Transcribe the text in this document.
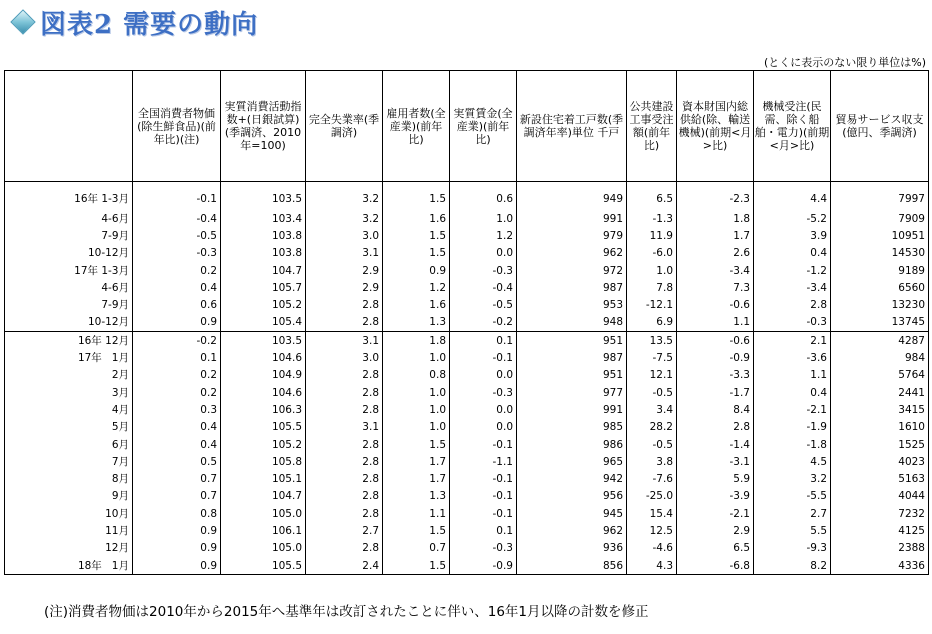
図表2 需要の動向
(とくに表示のない限り単位は%)
	全国消費者物価(除生鮮食品)(前年比)(注)	実質消費活動指数+(日銀試算)(季調済、2010年=100)	完全失業率(季調済)	雇用者数(全産業)(前年比)	実質賃金(全産業)(前年比)	新設住宅着工戸数(季調済年率)単位 千戸	公共建設工事受注額(前年比)	資本財国内総供給(除、輸送機械)(前期<月>比)	機械受注(民需、除く船舶・電力)(前期<月>比)	貿易サービス収支(億円、季調済)
16年 1-3月	-0.1	103.5	3.2	1.5	0.6	949	6.5	-2.3	4.4	7997
4-6月	-0.4	103.4	3.2	1.6	1.0	991	-1.3	1.8	-5.2	7909
7-9月	-0.5	103.8	3.0	1.5	1.2	979	11.9	1.7	3.9	10951
10-12月	-0.3	103.8	3.1	1.5	0.0	962	-6.0	2.6	0.4	14530
17年 1-3月	0.2	104.7	2.9	0.9	-0.3	972	1.0	-3.4	-1.2	9189
4-6月	0.4	105.7	2.9	1.2	-0.4	987	7.8	7.3	-3.4	6560
7-9月	0.6	105.2	2.8	1.6	-0.5	953	-12.1	-0.6	2.8	13230
10-12月	0.9	105.4	2.8	1.3	-0.2	948	6.9	1.1	-0.3	13745
16年 12月	-0.2	103.5	3.1	1.8	0.1	951	13.5	-0.6	2.1	4287
17年   1月	0.1	104.6	3.0	1.0	-0.1	987	-7.5	-0.9	-3.6	984
2月	0.2	104.9	2.8	0.8	0.0	951	12.1	-3.3	1.1	5764
3月	0.2	104.6	2.8	1.0	-0.3	977	-0.5	-1.7	0.4	2441
4月	0.3	106.3	2.8	1.0	0.0	991	3.4	8.4	-2.1	3415
5月	0.4	105.5	3.1	1.0	0.0	985	28.2	2.8	-1.9	1610
6月	0.4	105.2	2.8	1.5	-0.1	986	-0.5	-1.4	-1.8	1525
7月	0.5	105.8	2.8	1.7	-1.1	965	3.8	-3.1	4.5	4023
8月	0.7	105.1	2.8	1.7	-0.1	942	-7.6	5.9	3.2	5163
9月	0.7	104.7	2.8	1.3	-0.1	956	-25.0	-3.9	-5.5	4044
10月	0.8	105.0	2.8	1.1	-0.1	945	15.4	-2.1	2.7	7232
11月	0.9	106.1	2.7	1.5	0.1	962	12.5	2.9	5.5	4125
12月	0.9	105.0	2.8	0.7	-0.3	936	-4.6	6.5	-9.3	2388
18年   1月	0.9	105.5	2.4	1.5	-0.9	856	4.3	-6.8	8.2	4336
(注)消費者物価は2010年から2015年へ基準年は改訂されたことに伴い、16年1月以降の計数を修正
